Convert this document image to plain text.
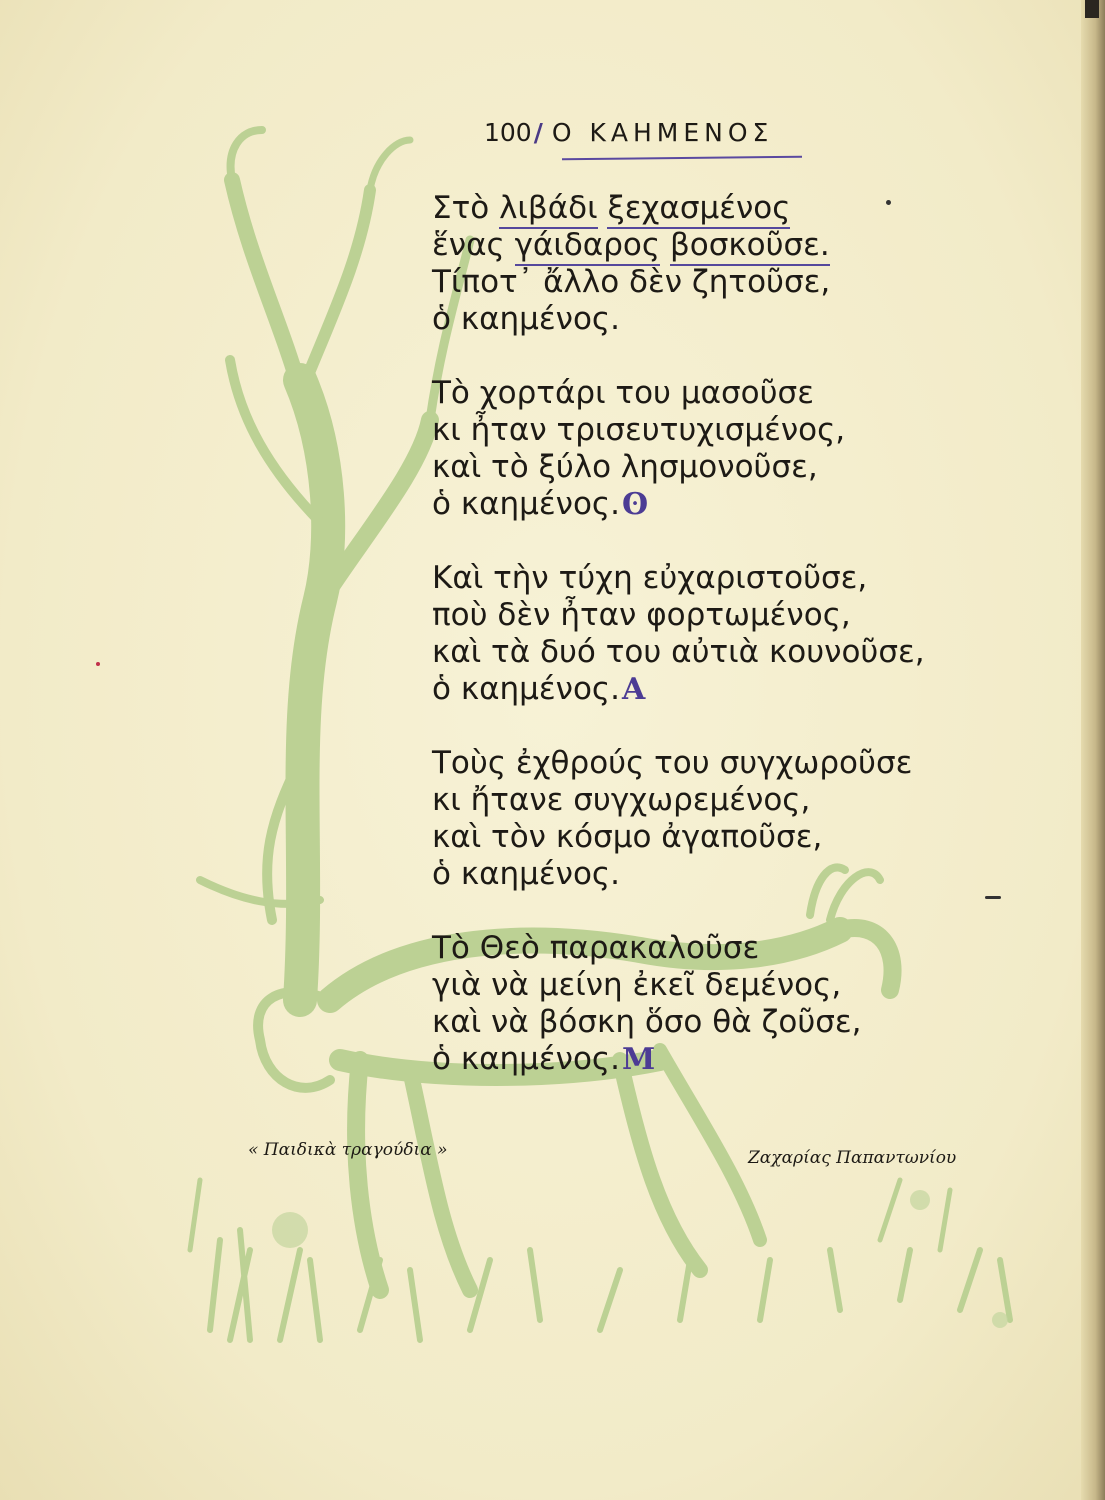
100/ Ο ΚΑΗΜΕΝΟΣ
Στὸ λιβάδι ξεχασμένος
ἕνας γάιδαρος βοσκοῦσε.
Τίποτ᾿ ἄλλο δὲν ζητοῦσε,
ὁ καημένος.
Τὸ χορτάρι του μασοῦσε
κι ἦταν τρισευτυχισμένος,
καὶ τὸ ξύλο λησμονοῦσε,
ὁ καημένος.ʘ
Καὶ τὴν τύχη εὐχαριστοῦσε,
ποὺ δὲν ἦταν φορτωμένος,
καὶ τὰ δυό του αὐτιὰ κουνοῦσε,
ὁ καημένος.Α
Τοὺς ἐχθρούς του συγχωροῦσε
κι ἤτανε συγχωρεμένος,
καὶ τὸν κόσμο ἀγαποῦσε,
ὁ καημένος.
Τὸ Θεὸ παρακαλοῦσε
γιὰ νὰ μείνη ἐκεῖ δεμένος,
καὶ νὰ βόσκη ὅσο θὰ ζοῦσε,
ὁ καημένος.Μ
« Παιδικὰ τραγούδια »	Ζαχαρίας Παπαντωνίου
